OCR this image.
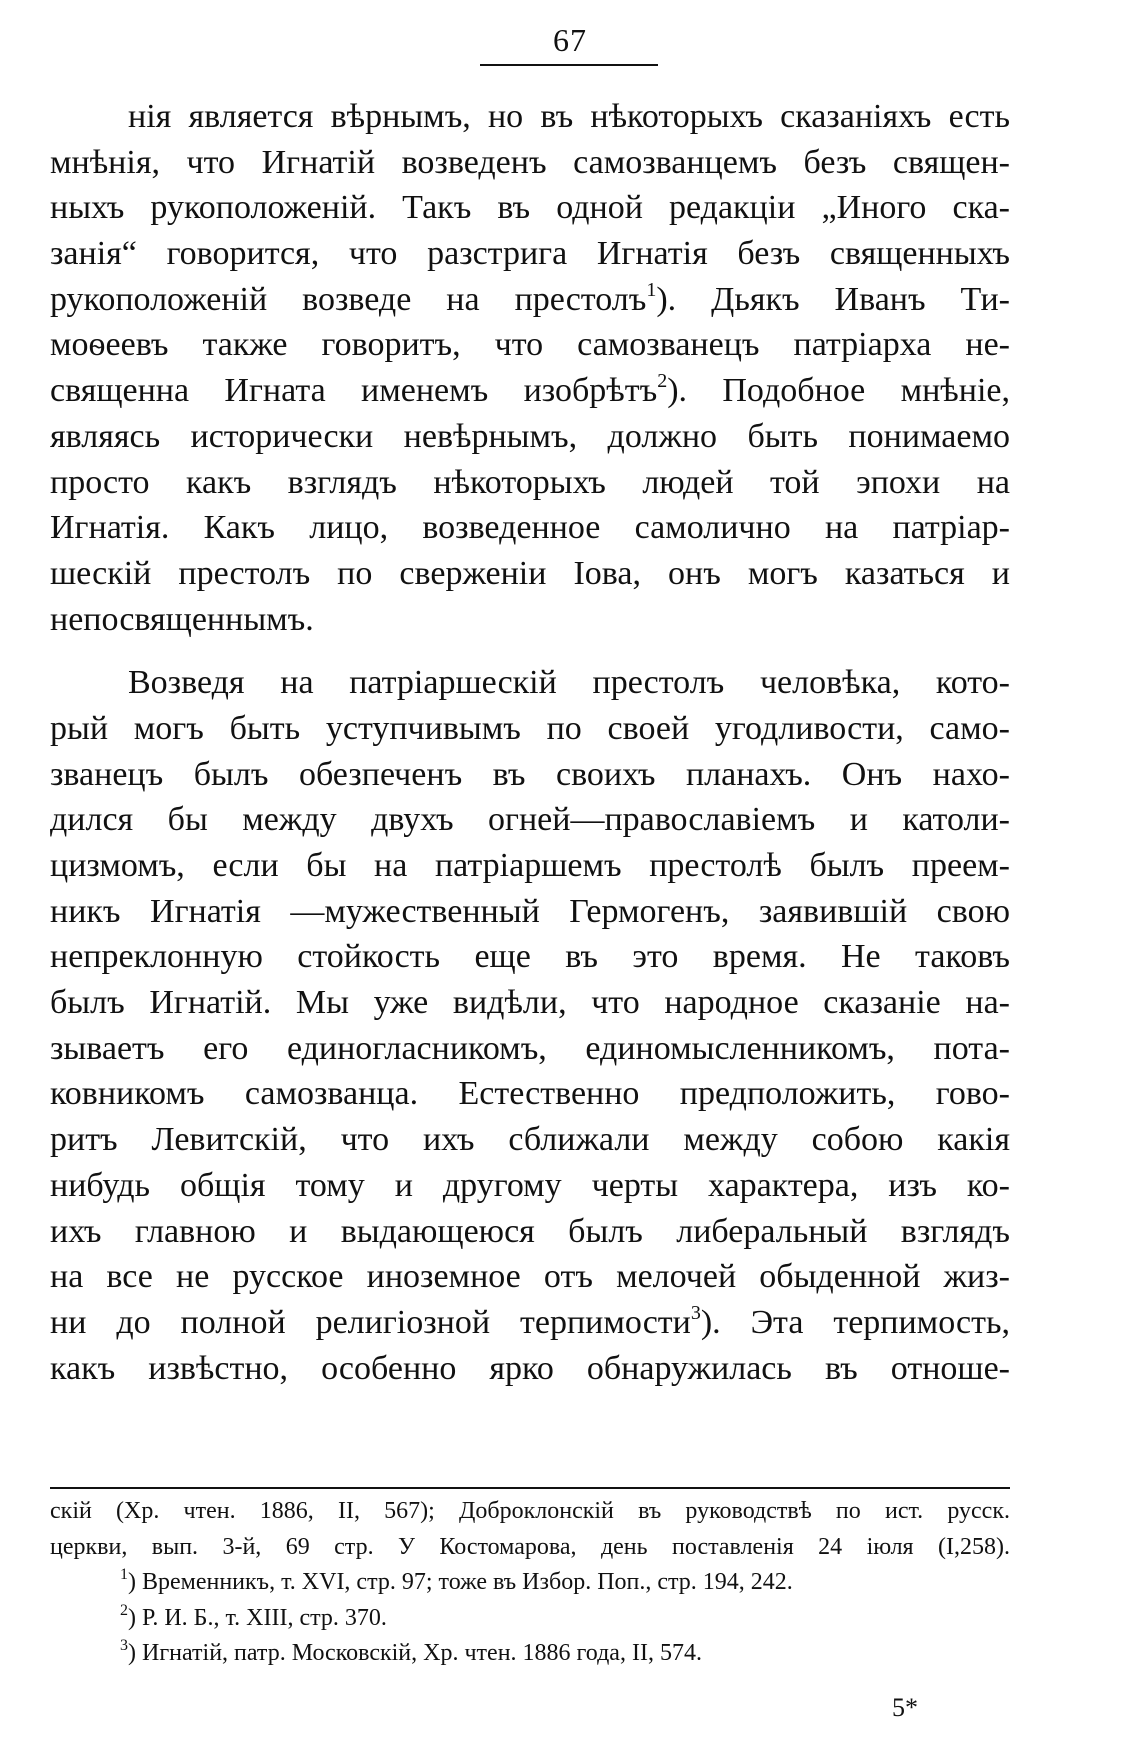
67
нія является вѣрнымъ, но въ нѣкоторыхъ сказаніяхъ есть
мнѣнія, что Игнатій возведенъ самозванцемъ безъ священ-
ныхъ рукоположеній. Такъ въ одной редакціи „Иного ска-
занія“ говорится, что разстрига Игнатія безъ священныхъ
рукоположеній возведе на престолъ$^1$). Дьякъ Иванъ Ти-
моѳеевъ также говоритъ, что самозванецъ патріарха не-
священна Игната именемъ изобрѣтъ$^2$). Подобное мнѣніе,
являясь исторически невѣрнымъ, должно быть понимаемо
просто какъ взглядъ нѣкоторыхъ людей той эпохи на
Игнатія. Какъ лицо, возведенное самолично на патріар-
шескій престолъ по сверженіи Іова, онъ могъ казаться и
непосвященнымъ.
Возведя на патріаршескій престолъ человѣка, кото-
рый могъ быть уступчивымъ по своей угодливости, само-
званецъ былъ обезпеченъ въ своихъ планахъ. Онъ нахо-
дился бы между двухъ огней—православіемъ и католи-
цизмомъ, если бы на патріаршемъ престолѣ былъ преем-
никъ Игнатія —мужественный Гермогенъ, заявившій свою
непреклонную стойкость еще въ это время. Не таковъ
былъ Игнатій. Мы уже видѣли, что народное сказаніе на-
зываетъ его единогласникомъ, единомысленникомъ, пота-
ковникомъ самозванца. Естественно предположить, гово-
ритъ Левитскій, что ихъ сближали между собою какія
нибудь общія тому и другому черты характера, изъ ко-
ихъ главною и выдающеюся былъ либеральный взглядъ
на все не русское иноземное отъ мелочей обыденной жиз-
ни до полной религіозной терпимости$^3$). Эта терпимость,
какъ извѣстно, особенно ярко обнаружилась въ отноше-
скій (Хр. чтен. 1886, II, 567); Доброклонскій въ руководствѣ по ист. русск.
церкви, вып. 3-й, 69 стр. У Костомарова, день поставленія 24 іюля (I,258).
$^1$) Временникъ, т. XVI, стр. 97; тоже въ Избор. Поп., стр. 194, 242.
$^2$) Р. И. Б., т. XIII, стр. 370.
$^3$) Игнатій, патр. Московскій, Хр. чтен. 1886 года, II, 574.
5*
